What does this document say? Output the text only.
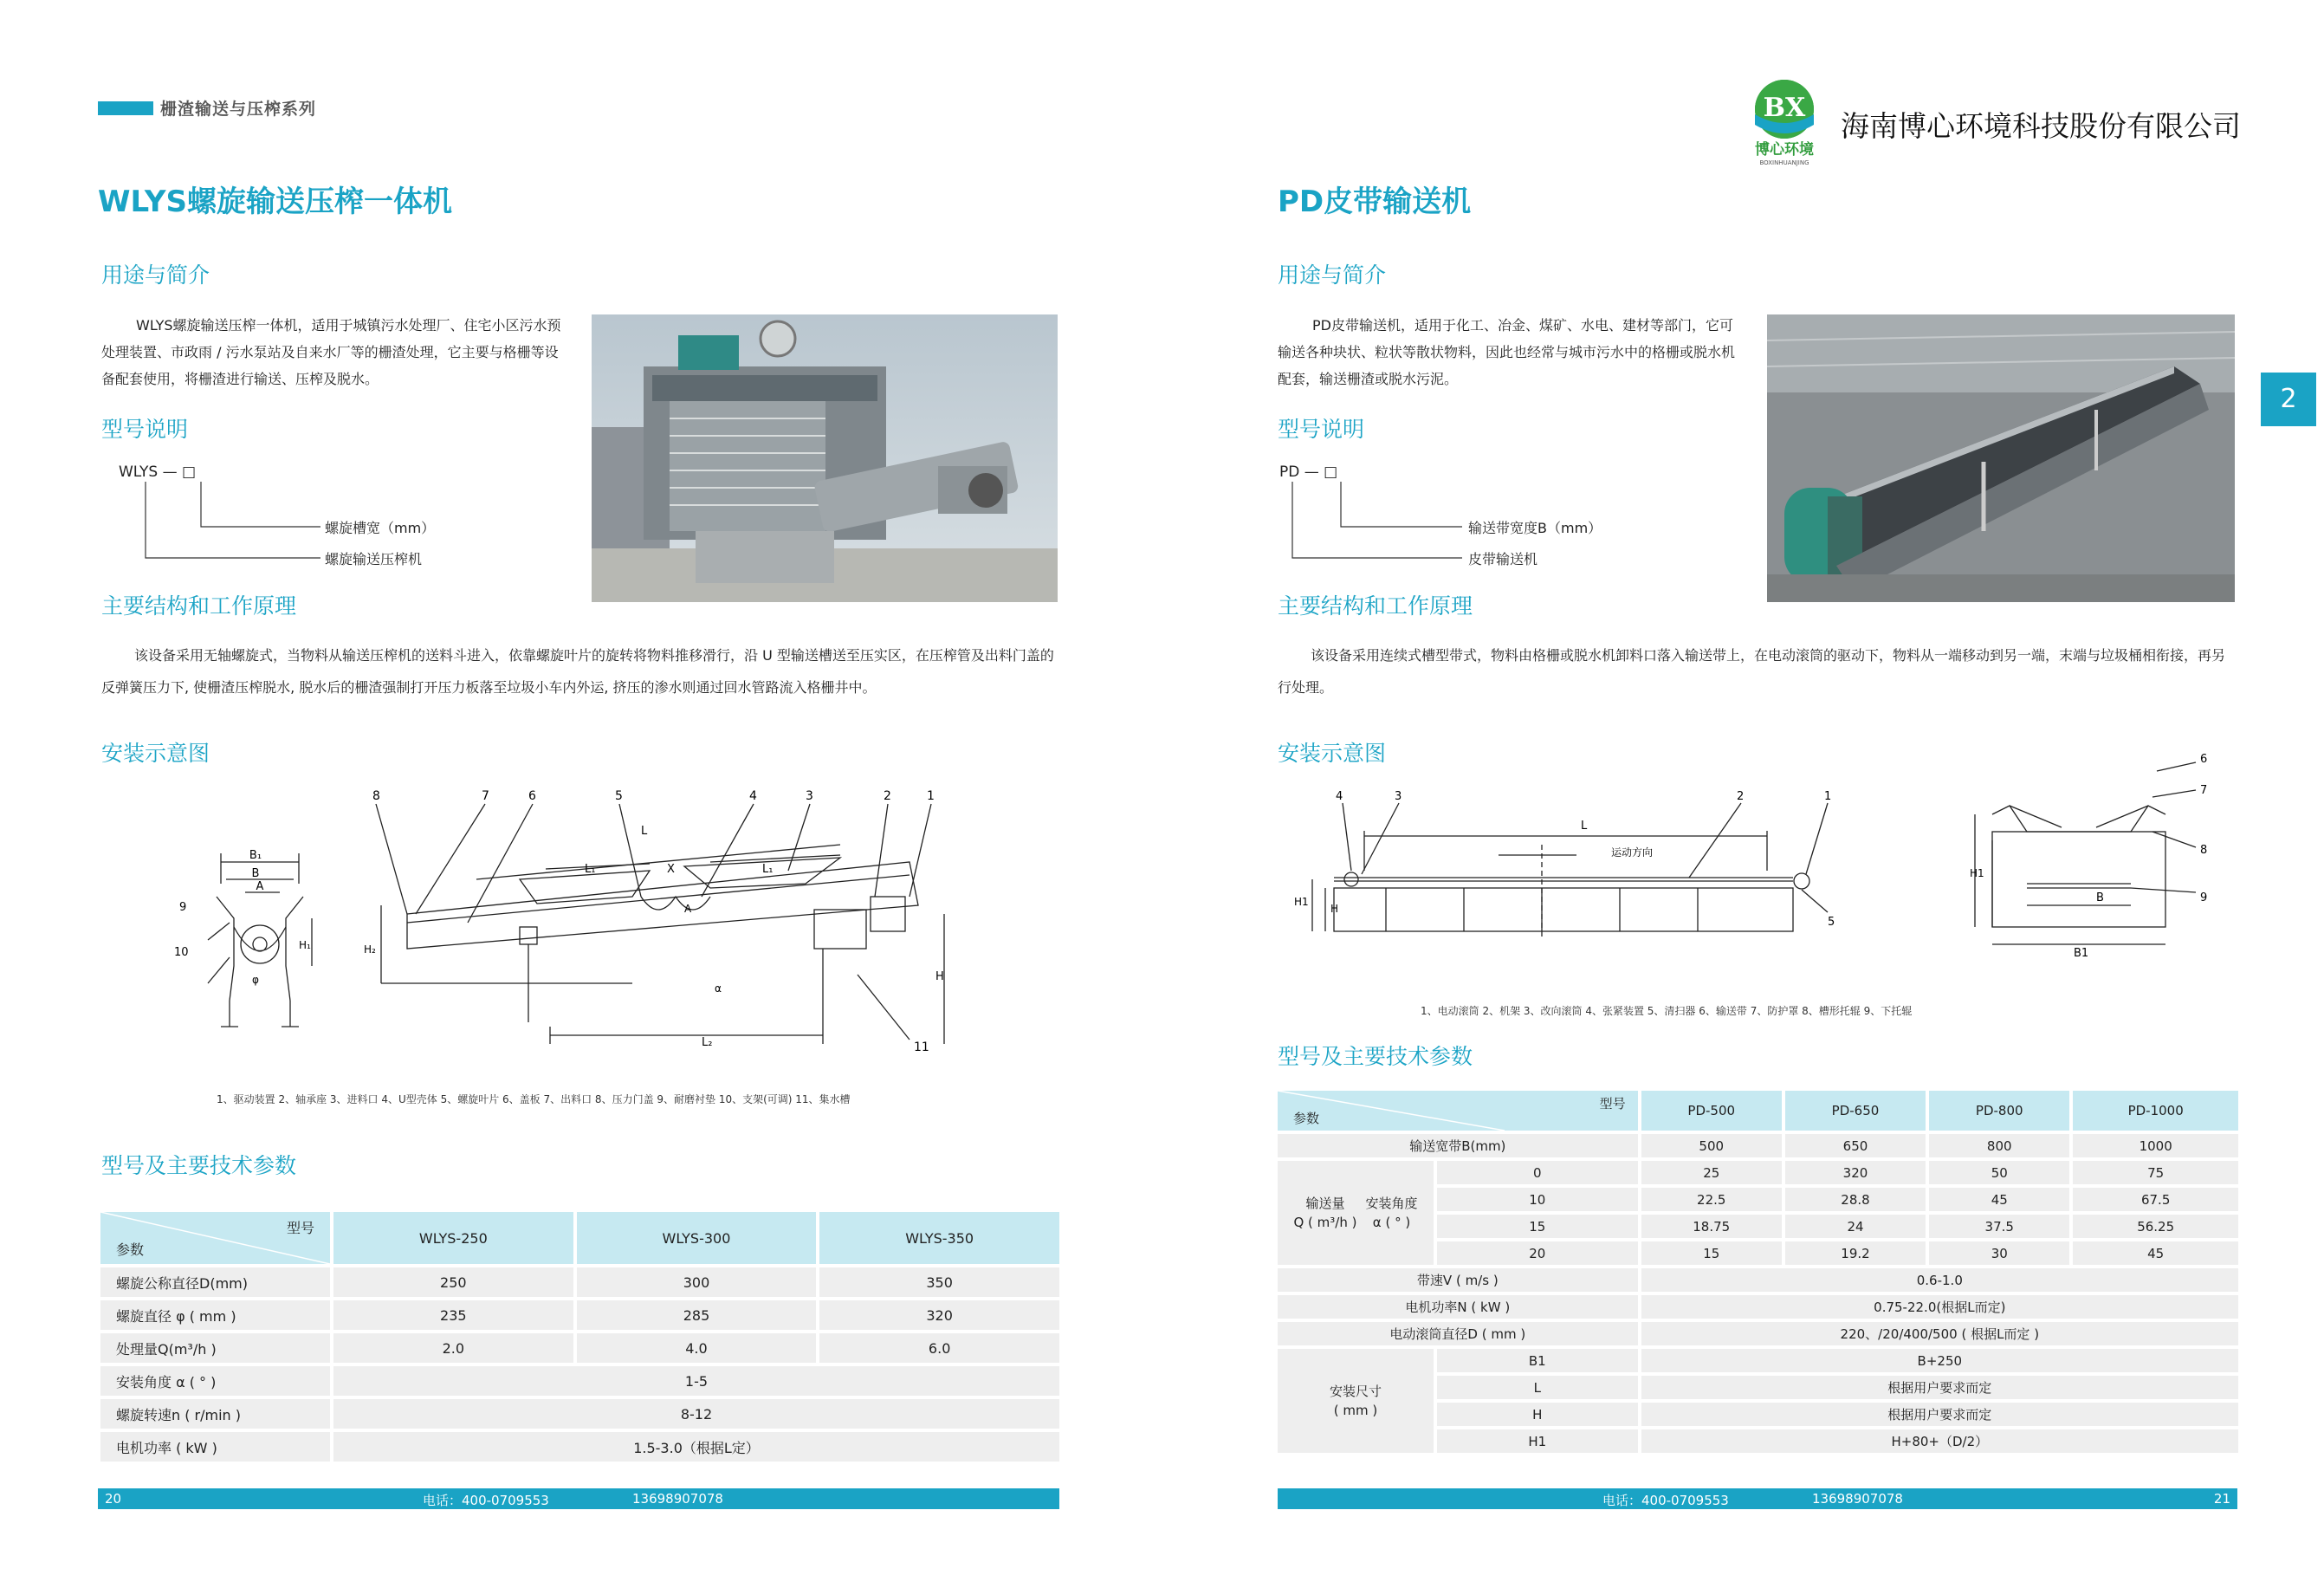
栅渣输送与压榨系列	BX
博心环境
BOXINHUANJING
海南博心环境科技股份有限公司
2
WLYS螺旋输送压榨一体机
用途与简介
WLYS螺旋输送压榨一体机，适用于城镇污水处理厂、住宅小区污水预处理装置、市政雨 / 污水泵站及自来水厂等的栅渣处理，它主要与格栅等设备配套使用，将栅渣进行输送、压榨及脱水。
型号说明
WLYS — □
螺旋槽宽（mm）
螺旋输送压榨机
主要结构和工作原理
该设备采用无轴螺旋式，当物料从输送压榨机的送料斗进入，依靠螺旋叶片的旋转将物料推移滑行，沿 U 型输送槽送至压实区，在压榨管及出料门盖的反弹簧压力下, 使栅渣压榨脱水, 脱水后的栅渣强制打开压力板落至垃圾小车内外运, 挤压的渗水则通过回水管路流入格栅井中。
安装示意图
B₁
B
A
φ
H₁
9
10
8	7	6	5	4	3	2	1
L
L₁	X	L₁
A
L₂
H₂
H
α
11
1、驱动装置 2、轴承座 3、进料口 4、U型壳体 5、螺旋叶片 6、盖板 7、出料口 8、压力门盖 9、耐磨衬垫 10、支架(可调) 11、集水槽
型号及主要技术参数
型号
参数	WLYS-250	WLYS-300	WLYS-350
螺旋公称直径D(mm)	250	300	350
螺旋直径 φ ( mm )	235	285	320
处理量Q(m³/h )	2.0	4.0	6.0
安装角度 α ( ° )	1-5		
螺旋转速n ( r/min )	8-12		
电机功率 ( kW )	1.5-3.0（根据L定）		
20	电话：400-0709553	13698907078
PD皮带输送机
用途与简介
PD皮带输送机，适用于化工、冶金、煤矿、水电、建材等部门，它可输送各种块状、粒状等散状物料，因此也经常与城市污水中的格栅或脱水机配套，输送栅渣或脱水污泥。
型号说明
PD — □
输送带宽度B（mm）
皮带输送机
主要结构和工作原理
该设备采用连续式槽型带式，物料由格栅或脱水机卸料口落入输送带上，在电动滚筒的驱动下，物料从一端移动到另一端，末端与垃圾桶相衔接，再另行处理。
安装示意图
4	3	2	1
5
L
运动方向
H1
H
6
7
8
9
H1
B
B1
1、电动滚筒 2、机架 3、改向滚筒 4、张紧装置 5、清扫器 6、输送带 7、防护罩 8、槽形托辊 9、下托辊
型号及主要技术参数
型号
参数		PD-500	PD-650	PD-800	PD-1000
输送宽带B(mm)		500	650	800	1000

输送量
Q ( m³/h )
安装角度
α ( ° )	0	25	320	50	75
	10	22.5	28.8	45	67.5
	15	18.75	24	37.5	56.25
	20	15	19.2	30	45
带速V ( m/s )		0.6-1.0			
电机功率N ( kW )		0.75-22.0(根据L而定)			
电动滚筒直径D ( mm )		220、/20/400/500 ( 根据L而定 )			

安装尺寸
( mm )	B1	B+250			
	L	根据用户要求而定			
	H	根据用户要求而定			
	H1	H+80+（D/2）			
电话：400-0709553	13698907078	21
